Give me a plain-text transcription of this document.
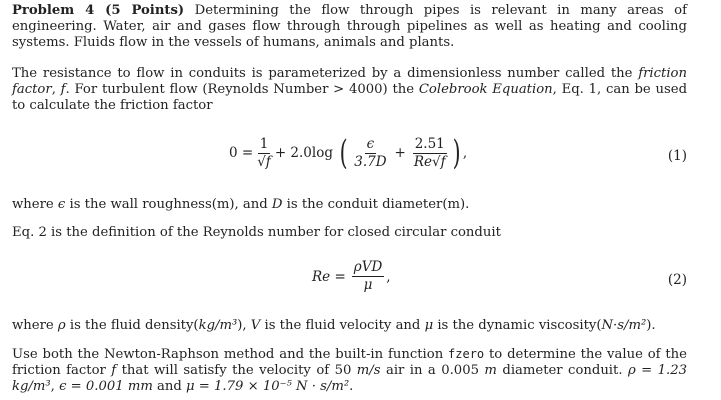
Problem 4 (5 Points) Determining the flow through pipes is relevant in many areas of engineering. Water, air and gases flow through through pipelines as well as heating and cooling systems. Fluids flow in the vessels of humans, animals and plants.

The resistance to flow in conduits is parameterized by a dimensionless number called the friction factor, f. For turbulent flow (Reynolds Number > 4000) the Colebrook Equation, Eq. 1, can be used to calculate the friction factor

$0 = \frac{1}{√f} + 2.0\log$ ( $\frac{\epsilon}{3.7D} + \frac{2.51}{Re√f}$ ) ,	(1)

where ϵ is the wall roughness(m), and D is the conduit diameter(m).

Eq. 2 is the definition of the Reynolds number for closed circular conduit

$Re = \frac{\text{ρVD}}{\mu}$ ,	(2)

where ρ is the fluid density(kg/m³), V is the fluid velocity and μ is the dynamic viscosity(N·s/m²).

Use both the Newton-Raphson method and the built-in function fzero to determine the value of the friction factor f that will satisfy the velocity of 50 m/s air in a 0.005 m diameter conduit. ρ = 1.23 kg/m³, ϵ = 0.001 mm and μ = 1.79 × 10⁻⁵ N · s/m².
